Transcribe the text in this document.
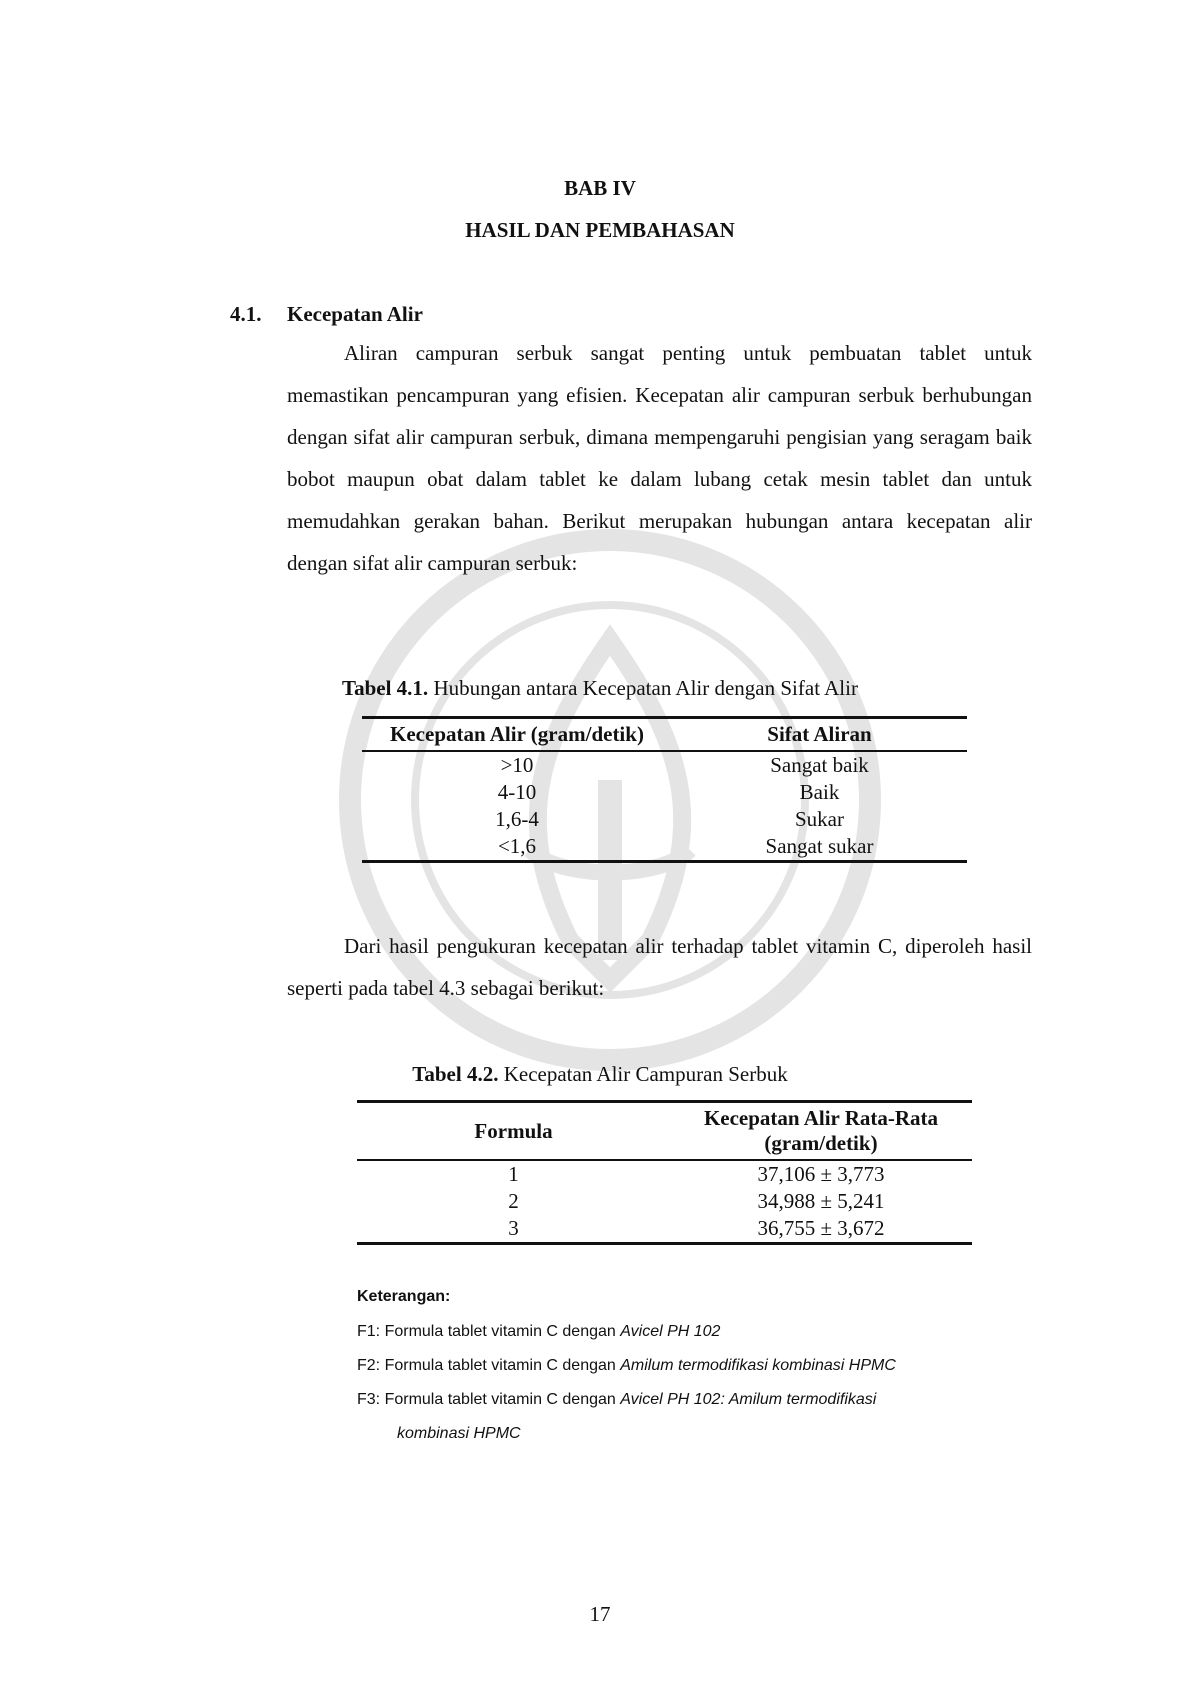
BAB IV
HASIL DAN PEMBAHASAN
4.1. Kecepatan Alir

Aliran campuran serbuk sangat penting untuk pembuatan tablet untuk memastikan pencampuran yang efisien. Kecepatan alir campuran serbuk berhubungan dengan sifat alir campuran serbuk, dimana mempengaruhi pengisian yang seragam baik bobot maupun obat dalam tablet ke dalam lubang cetak mesin tablet dan untuk memudahkan gerakan bahan. Berikut merupakan hubungan antara kecepatan alir dengan sifat alir campuran serbuk:

Tabel 4.1. Hubungan antara Kecepatan Alir dengan Sifat Alir
Kecepatan Alir (gram/detik)	Sifat Aliran
>10	Sangat baik
4-10	Baik
1,6-4	Sukar
<1,6	Sangat sukar

Dari hasil pengukuran kecepatan alir terhadap tablet vitamin C, diperoleh hasil seperti pada tabel 4.3 sebagai berikut:

Tabel 4.2. Kecepatan Alir Campuran Serbuk
Formula	Kecepatan Alir Rata-Rata (gram/detik)
1	37,106 ± 3,773
2	34,988 ± 5,241
3	36,755 ± 3,672
Keterangan:
F1: Formula tablet vitamin C dengan Avicel PH 102
F2: Formula tablet vitamin C dengan Amilum termodifikasi kombinasi HPMC
F3: Formula tablet vitamin C dengan Avicel PH 102: Amilum termodifikasi
kombinasi HPMC
17
